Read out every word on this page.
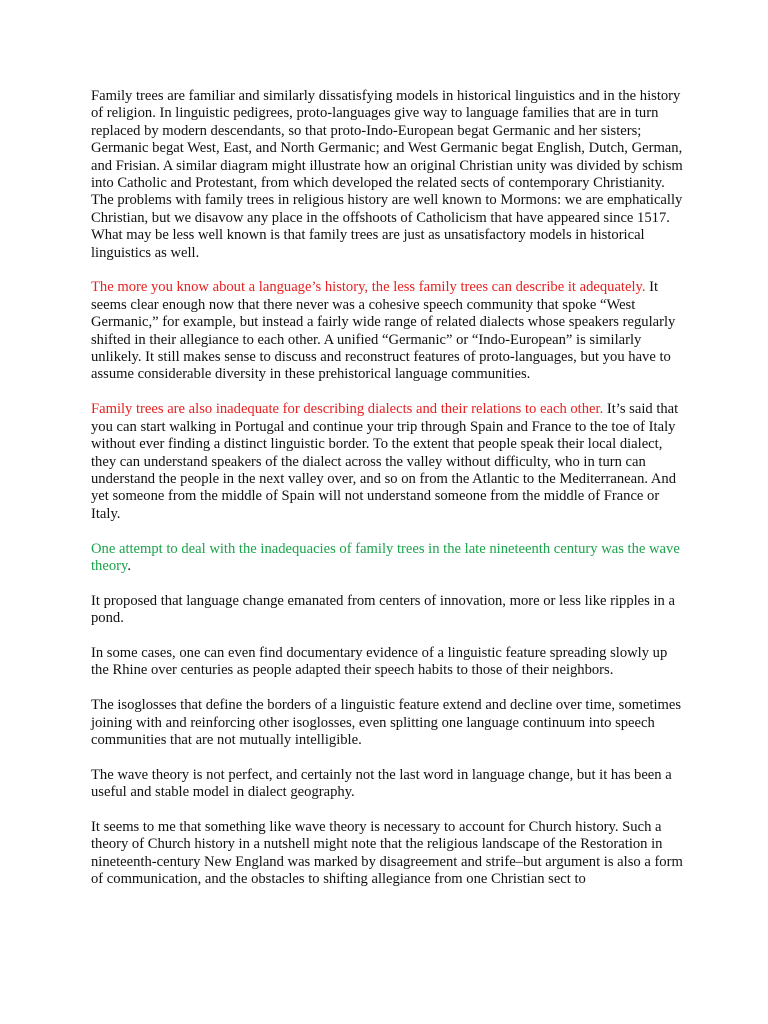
Family trees are familiar and similarly dissatisfying models in historical linguistics and in the history of religion. In linguistic pedigrees, proto-languages give way to language families that are in turn replaced by modern descendants, so that proto-Indo-European begat Germanic and her sisters; Germanic begat West, East, and North Germanic; and West Germanic begat English, Dutch, German, and Frisian. A similar diagram might illustrate how an original Christian unity was divided by schism into Catholic and Protestant, from which developed the related sects of contemporary Christianity. The problems with family trees in religious history are well known to Mormons: we are emphatically Christian, but we disavow any place in the offshoots of Catholicism that have appeared since 1517. What may be less well known is that family trees are just as unsatisfactory models in historical linguistics as well.

The more you know about a language’s history, the less family trees can describe it adequately. It seems clear enough now that there never was a cohesive speech community that spoke “West Germanic,” for example, but instead a fairly wide range of related dialects whose speakers regularly shifted in their allegiance to each other. A unified “Germanic” or “Indo-European” is similarly unlikely. It still makes sense to discuss and reconstruct features of proto-languages, but you have to assume considerable diversity in these prehistorical language communities.

Family trees are also inadequate for describing dialects and their relations to each other. It’s said that you can start walking in Portugal and continue your trip through Spain and France to the toe of Italy without ever finding a distinct linguistic border. To the extent that people speak their local dialect, they can understand speakers of the dialect across the valley without difficulty, who in turn can understand the people in the next valley over, and so on from the Atlantic to the Mediterranean. And yet someone from the middle of Spain will not understand someone from the middle of France or Italy.

One attempt to deal with the inadequacies of family trees in the late nineteenth century was the wave theory.

It proposed that language change emanated from centers of innovation, more or less like ripples in a pond.

In some cases, one can even find documentary evidence of a linguistic feature spreading slowly up the Rhine over centuries as people adapted their speech habits to those of their neighbors.

The isoglosses that define the borders of a linguistic feature extend and decline over time, sometimes joining with and reinforcing other isoglosses, even splitting one language continuum into speech communities that are not mutually intelligible.

The wave theory is not perfect, and certainly not the last word in language change, but it has been a useful and stable model in dialect geography.

It seems to me that something like wave theory is necessary to account for Church history. Such a theory of Church history in a nutshell might note that the religious landscape of the Restoration in nineteenth-century New England was marked by disagreement and strife–but argument is also a form of communication, and the obstacles to shifting allegiance from one Christian sect to
